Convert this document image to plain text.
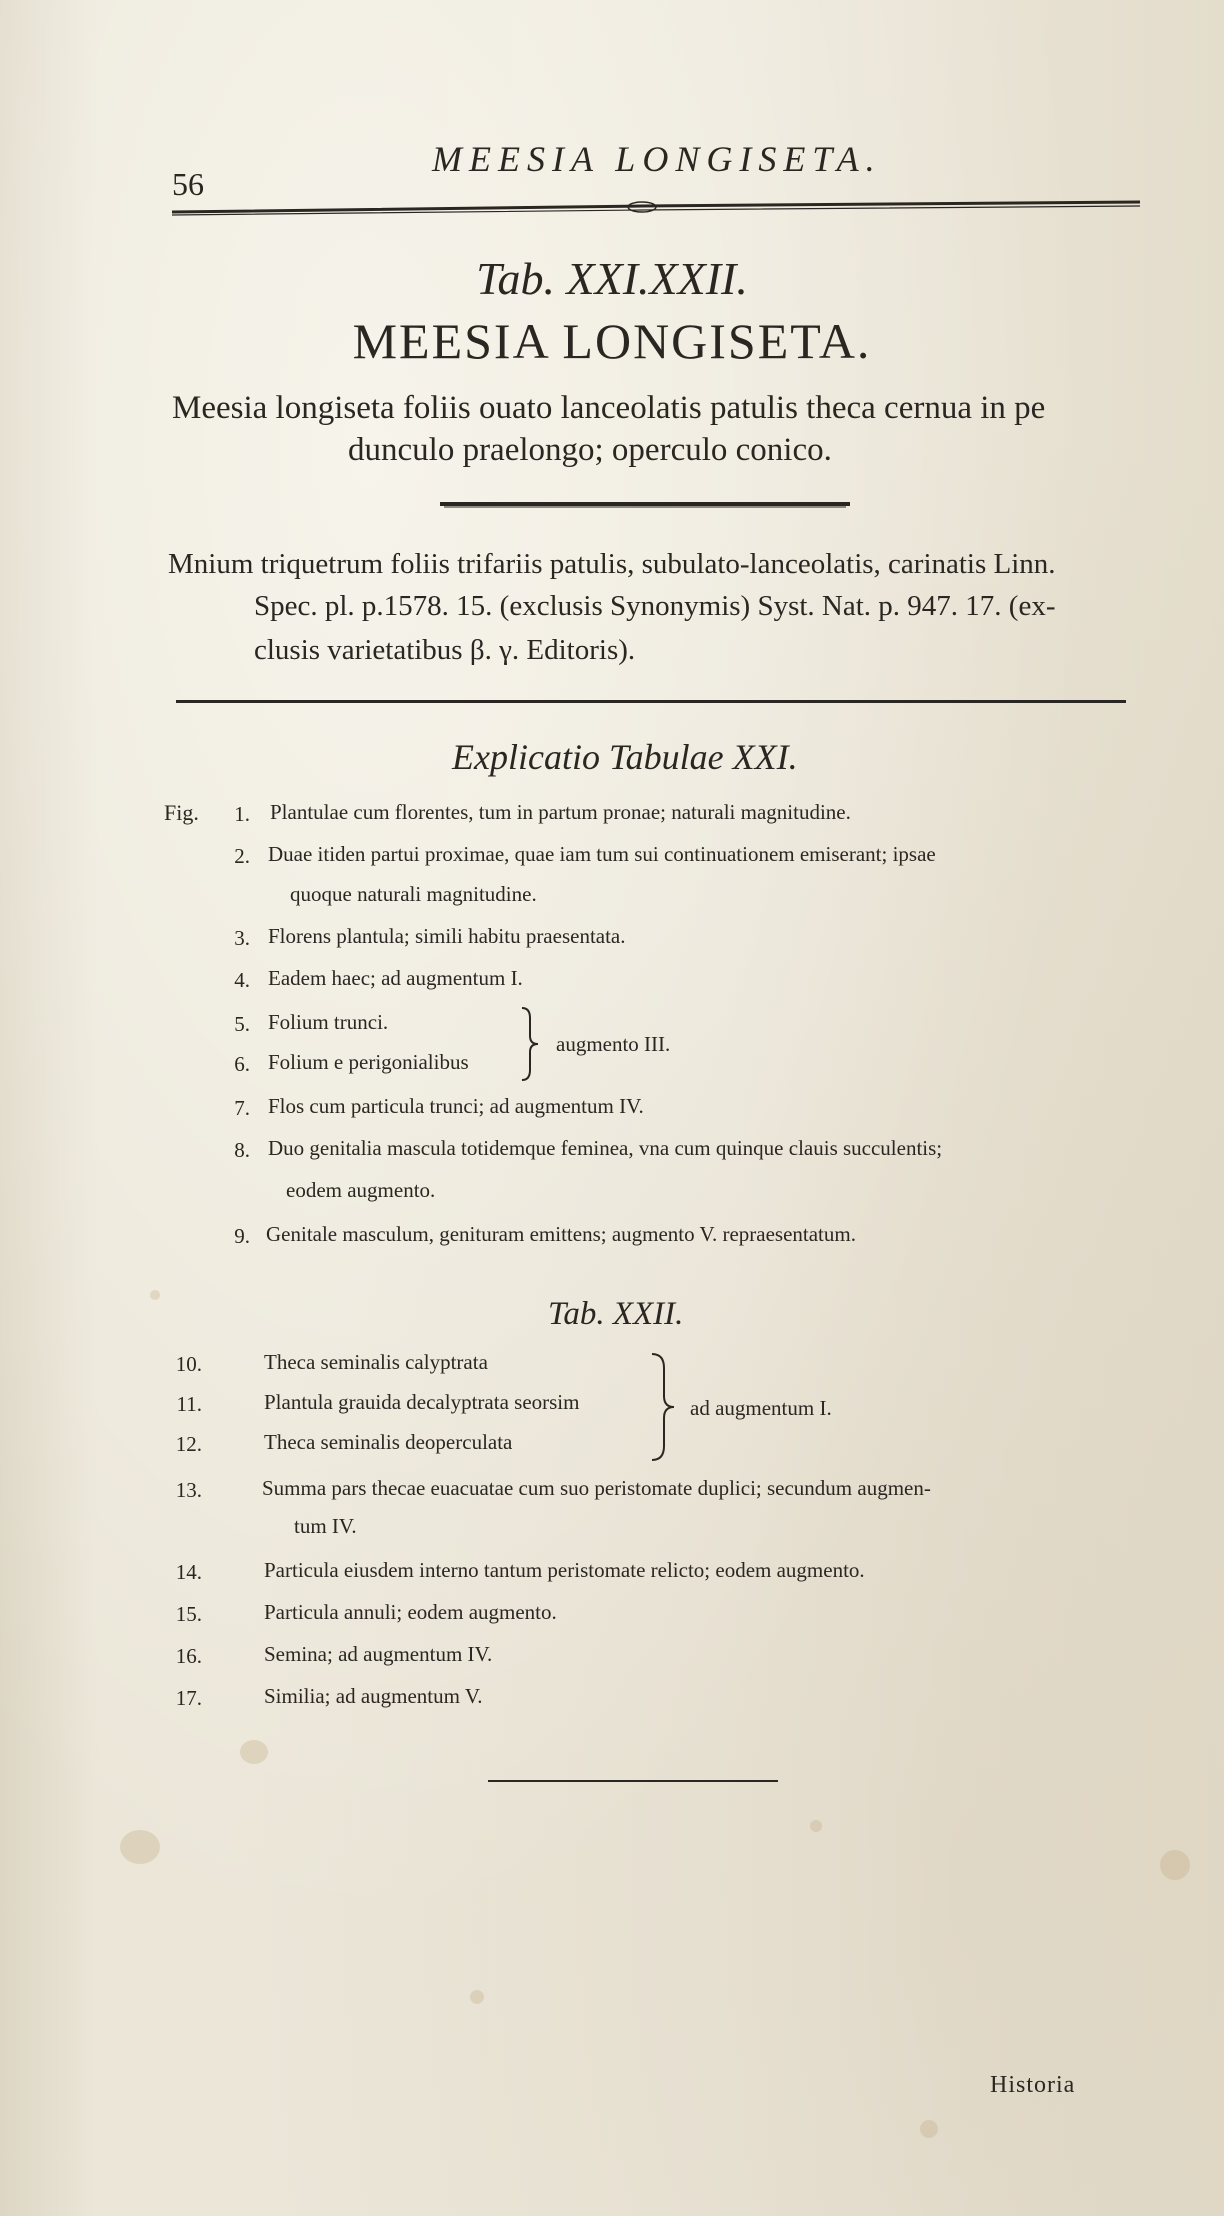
56
MEESIA LONGISETA.
Tab. XXI.XXII.
MEESIA LONGISETA.
Meesia longiseta foliis ouato lanceolatis patulis theca cernua in pe
dunculo praelongo; operculo conico.
Mnium triquetrum foliis trifariis patulis, subulato-lanceolatis, carinatis Linn.
Spec. pl. p.1578. 15. (exclusis Synonymis) Syst. Nat. p. 947. 17. (ex-
clusis varietatibus β. γ. Editoris).
Explicatio Tabulae XXI.
Fig.	1. Plantulae cum florentes, tum in partum pronae; naturali magnitudine.
2. Duae itiden partui proximae, quae iam tum sui continuationem emiserant; ipsae
quoque naturali magnitudine.
3. Florens plantula; simili habitu praesentata.
4. Eadem haec; ad augmentum I.
5. Folium trunci.
6. Folium e perigonialibus
augmento III.
7. Flos cum particula trunci; ad augmentum IV.
8. Duo genitalia mascula totidemque feminea, vna cum quinque clauis succulentis;
eodem augmento.
9. Genitale masculum, genituram emittens; augmento V. repraesentatum.
Tab. XXII.
10.	Theca seminalis calyptrata
11.	Plantula grauida decalyptrata seorsim
12.	Theca seminalis deoperculata
ad augmentum I.
13.	Summa pars thecae euacuatae cum suo peristomate duplici; secundum augmen-
tum IV.
14.	Particula eiusdem interno tantum peristomate relicto; eodem augmento.
15.	Particula annuli; eodem augmento.
16.	Semina; ad augmentum IV.
17.	Similia; ad augmentum V.
Historia
